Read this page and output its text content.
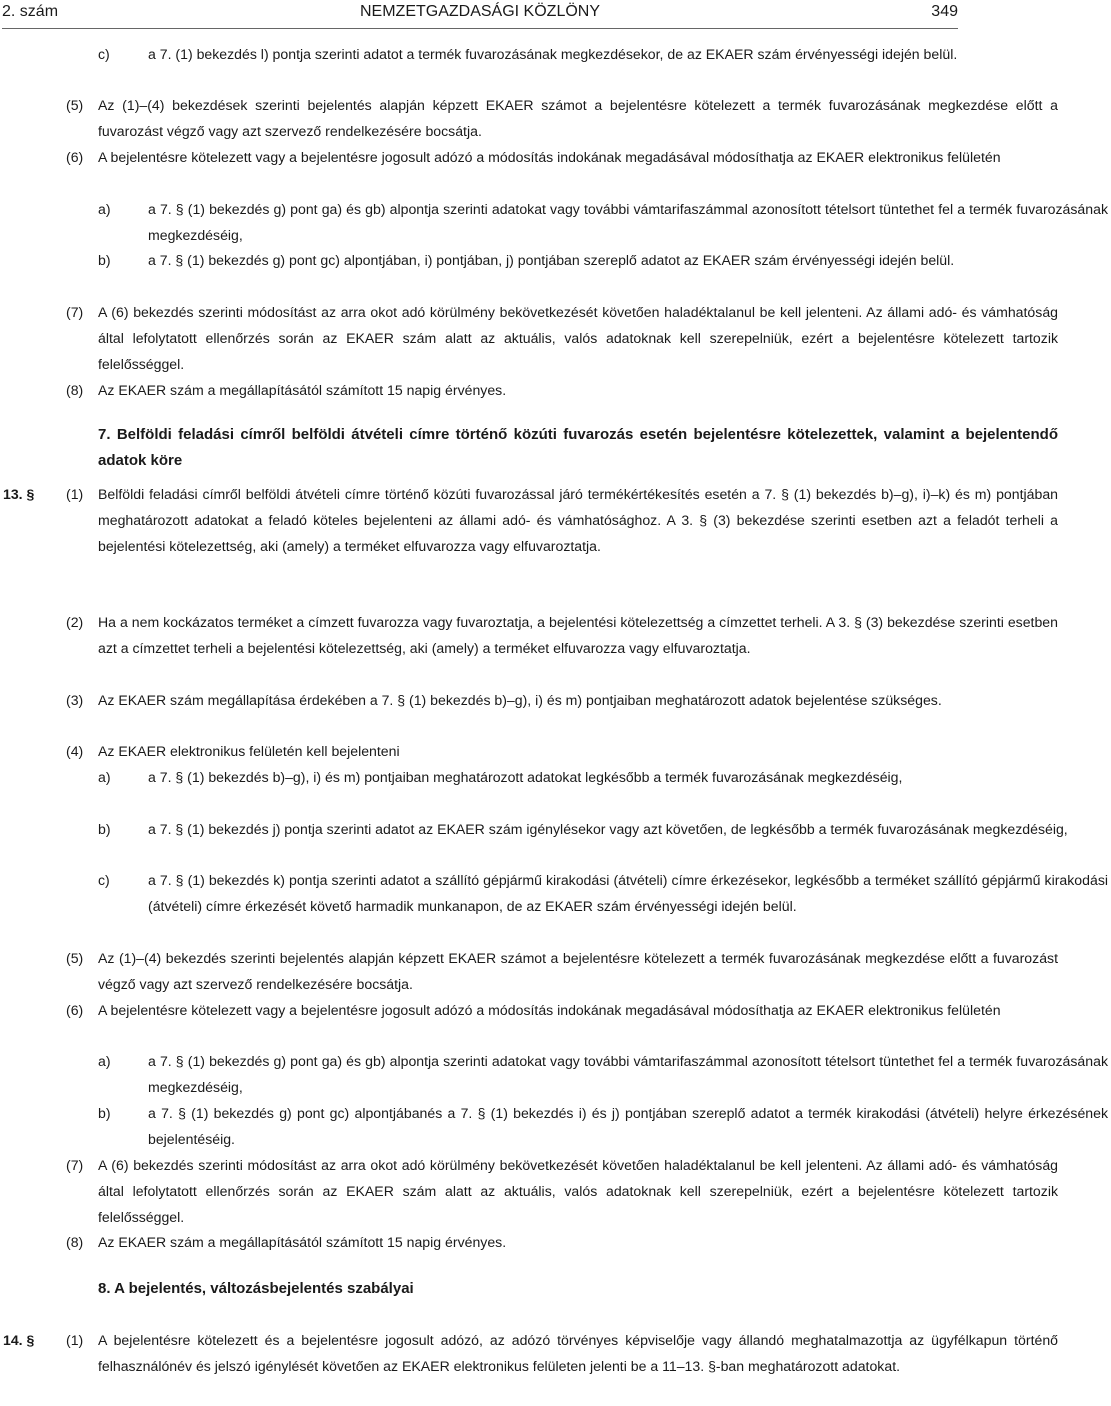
2. szám	NEMZETGAZDASÁGI KÖZLÖNY	349
c)	a 7. (1) bekezdés l) pontja szerinti adatot a termék fuvarozásának megkezdésekor, de az EKAER szám érvényességi idején belül.
(5) Az (1)–(4) bekezdések szerinti bejelentés alapján képzett EKAER számot a bejelentésre kötelezett a termék fuvarozásának megkezdése előtt a fuvarozást végző vagy azt szervező rendelkezésére bocsátja.
(6) A bejelentésre kötelezett vagy a bejelentésre jogosult adózó a módosítás indokának megadásával módosíthatja az EKAER elektronikus felületén
a)	a 7. § (1) bekezdés g) pont ga) és gb) alpontja szerinti adatokat vagy további vámtarifaszámmal azonosított tételsort tüntethet fel a termék fuvarozásának megkezdéséig,
b)	a 7. § (1) bekezdés g) pont gc) alpontjában, i) pontjában, j) pontjában szereplő adatot az EKAER szám érvényességi idején belül.
(7) A (6) bekezdés szerinti módosítást az arra okot adó körülmény bekövetkezését követően haladéktalanul be kell jelenteni. Az állami adó- és vámhatóság által lefolytatott ellenőrzés során az EKAER szám alatt az aktuális, valós adatoknak kell szerepelniük, ezért a bejelentésre kötelezett tartozik felelősséggel.
(8) Az EKAER szám a megállapításától számított 15 napig érvényes.
7. Belföldi feladási címről belföldi átvételi címre történő közúti fuvarozás esetén bejelentésre kötelezettek, valamint a bejelentendő adatok köre
13. § (1) Belföldi feladási címről belföldi átvételi címre történő közúti fuvarozással járó termékértékesítés esetén a 7. § (1) bekezdés b)–g), i)–k) és m) pontjában meghatározott adatokat a feladó köteles bejelenteni az állami adó- és vámhatósághoz. A 3. § (3) bekezdése szerinti esetben azt a feladót terheli a bejelentési kötelezettség, aki (amely) a terméket elfuvarozza vagy elfuvaroztatja.
(2) Ha a nem kockázatos terméket a címzett fuvarozza vagy fuvaroztatja, a bejelentési kötelezettség a címzettet terheli. A 3. § (3) bekezdése szerinti esetben azt a címzettet terheli a bejelentési kötelezettség, aki (amely) a terméket elfuvarozza vagy elfuvaroztatja.
(3) Az EKAER szám megállapítása érdekében a 7. § (1) bekezdés b)–g), i) és m) pontjaiban meghatározott adatok bejelentése szükséges.
(4) Az EKAER elektronikus felületén kell bejelenteni
a)	a 7. § (1) bekezdés b)–g), i) és m) pontjaiban meghatározott adatokat legkésőbb a termék fuvarozásának megkezdéséig,
b)	a 7. § (1) bekezdés j) pontja szerinti adatot az EKAER szám igénylésekor vagy azt követően, de legkésőbb a termék fuvarozásának megkezdéséig,
c)	a 7. § (1) bekezdés k) pontja szerinti adatot a szállító gépjármű kirakodási (átvételi) címre érkezésekor, legkésőbb a terméket szállító gépjármű kirakodási (átvételi) címre érkezését követő harmadik munkanapon, de az EKAER szám érvényességi idején belül.
(5) Az (1)–(4) bekezdés szerinti bejelentés alapján képzett EKAER számot a bejelentésre kötelezett a termék fuvarozásának megkezdése előtt a fuvarozást végző vagy azt szervező rendelkezésére bocsátja.
(6) A bejelentésre kötelezett vagy a bejelentésre jogosult adózó a módosítás indokának megadásával módosíthatja az EKAER elektronikus felületén
a)	a 7. § (1) bekezdés g) pont ga) és gb) alpontja szerinti adatokat vagy további vámtarifaszámmal azonosított tételsort tüntethet fel a termék fuvarozásának megkezdéséig,
b)	a 7. § (1) bekezdés g) pont gc) alpontjábanés a 7. § (1) bekezdés i) és j) pontjában szereplő adatot a termék kirakodási (átvételi) helyre érkezésének bejelentéséig.
(7) A (6) bekezdés szerinti módosítást az arra okot adó körülmény bekövetkezését követően haladéktalanul be kell jelenteni. Az állami adó- és vámhatóság által lefolytatott ellenőrzés során az EKAER szám alatt az aktuális, valós adatoknak kell szerepelniük, ezért a bejelentésre kötelezett tartozik felelősséggel.
(8) Az EKAER szám a megállapításától számított 15 napig érvényes.
8. A bejelentés, változásbejelentés szabályai
14. § (1) A bejelentésre kötelezett és a bejelentésre jogosult adózó, az adózó törvényes képviselője vagy állandó meghatalmazottja az ügyfélkapun történő felhasználónév és jelszó igénylését követően az EKAER elektronikus felületen jelenti be a 11–13. §-ban meghatározott adatokat.
